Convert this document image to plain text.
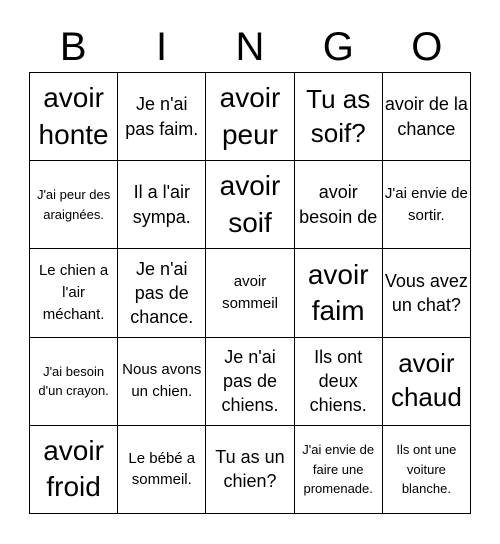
B	I	N	G	O
avoir honte
Je n'ai pas faim.
avoir peur
Tu as soif?
avoir de la chance
J'ai peur des araignées.
Il a l'air sympa.
avoir soif
avoir besoin de
J'ai envie de sortir.
Le chien a l'air méchant.
Je n'ai pas de chance.
avoir sommeil
avoir faim
Vous avez un chat?
J'ai besoin d'un crayon.
Nous avons un chien.
Je n'ai pas de chiens.
Ils ont deux chiens.
avoir chaud
avoir froid
Le bébé a sommeil.
Tu as un chien?
J'ai envie de faire une promenade.
Ils ont une voiture blanche.
